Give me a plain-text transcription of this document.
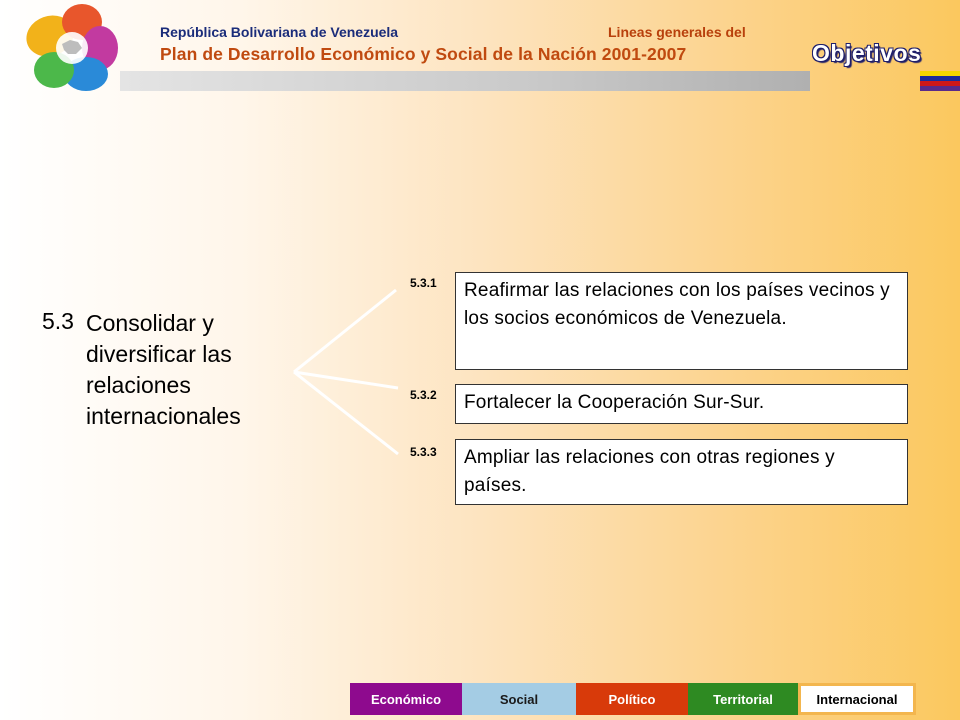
República Bolivariana de Venezuela	Lineas generales del
Plan de Desarrollo Económico y Social de la Nación 2001-2007	Objetivos
5.3 Consolidar y
diversificar las
relaciones
internacionales
5.3.1	Reafirmar las relaciones con los países vecinos y los socios económicos de Venezuela.
5.3.2	Fortalecer la Cooperación Sur-Sur.
5.3.3	Ampliar las relaciones con otras regiones y países.
Económico	Social	Político	Territorial	Internacional
